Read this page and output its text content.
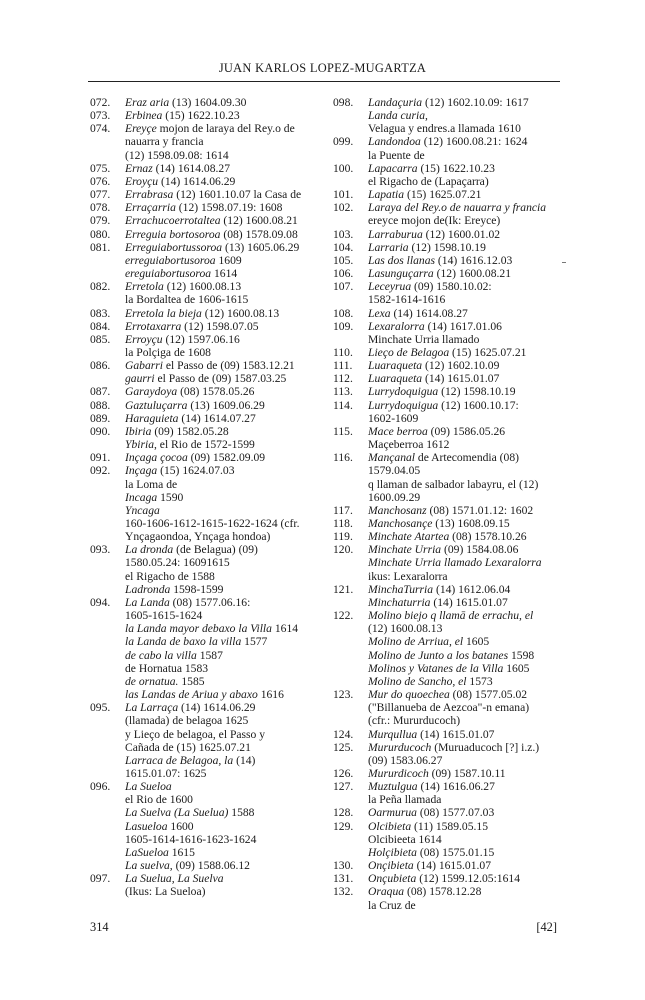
JUAN KARLOS LOPEZ-MUGARTZA
072.	Eraz aria (13) 1604.09.30
073.	Erbinea (15) 1622.10.23
074.	Ereyçe mojon de laraya del Rey.o de
nauarra y francia
(12) 1598.09.08: 1614
075.	Ernaz (14) 1614.08.27
076.	Eroyçu (14) 1614.06.29
077.	Errabrasa (12) 1601.10.07 la Casa de
078.	Erraçarria (12) 1598.07.19: 1608
079.	Errachucoerrotaltea (12) 1600.08.21
080.	Erreguia bortosoroa (08) 1578.09.08
081.	Erreguiabortussoroa (13) 1605.06.29
erreguiabortusoroa 1609
ereguiabortusoroa 1614
082.	Erretola (12) 1600.08.13
la Bordaltea de 1606-1615
083.	Erretola la bieja (12) 1600.08.13
084.	Errotaxarra (12) 1598.07.05
085.	Erroyçu (12) 1597.06.16
la Polçiga de 1608
086.	Gabarri el Passo de (09) 1583.12.21
gaurri el Passo de (09) 1587.03.25
087.	Garaydoya (08) 1578.05.26
088.	Gaztuluçarra (13) 1609.06.29
089.	Haraguieta (14) 1614.07.27
090.	Ibiria (09) 1582.05.28
Ybiria, el Rio de 1572-1599
091.	Inçaga çocoa (09) 1582.09.09
092.	Inçaga (15) 1624.07.03
la Loma de
Incaga 1590
Yncaga
160-1606-1612-1615-1622-1624 (cfr.
Ynçagaondoa, Ynçaga hondoa)
093.	La dronda (de Belagua) (09)
1580.05.24: 16091615
el Rigacho de 1588
Ladronda 1598-1599
094.	La Landa (08) 1577.06.16:
1605-1615-1624
la Landa mayor debaxo la Villa 1614
la Landa de baxo la villa 1577
de cabo la villa 1587
de Hornatua 1583
de ornatua. 1585
las Landas de Ariua y abaxo 1616
095.	La Larraça (14) 1614.06.29
(llamada) de belagoa 1625
y Lieço de belagoa, el Passo y
Cañada de (15) 1625.07.21
Larraca de Belagoa, la (14)
1615.01.07: 1625
096.	La Sueloa
el Rio de 1600
La Suelva (La Suelua) 1588
Lasueloa 1600
1605-1614-1616-1623-1624
LaSueloa 1615
La suelva, (09) 1588.06.12
097.	La Suelua, La Suelva
(Ikus: La Sueloa)
098.	Landaçuria (12) 1602.10.09: 1617
Landa curia,
Velagua y endres.a llamada 1610
099.	Landondoa (12) 1600.08.21: 1624
la Puente de
100.	Lapacarra (15) 1622.10.23
el Rigacho de (Lapaçarra)
101.	Lapatia (15) 1625.07.21
102.	Laraya del Rey.o de nauarra y francia
ereyce mojon de(Ik: Ereyce)
103.	Larraburua (12) 1600.01.02
104.	Larraria (12) 1598.10.19
105.	Las dos llanas (14) 1616.12.03
106.	Lasunguçarra (12) 1600.08.21
107.	Leceyrua (09) 1580.10.02:
1582-1614-1616
108.	Lexa (14) 1614.08.27
109.	Lexaralorra (14) 1617.01.06
Minchate Urria llamado
110.	Lieço de Belagoa (15) 1625.07.21
111.	Luaraqueta (12) 1602.10.09
112.	Luaraqueta (14) 1615.01.07
113.	Lurrydoquigua (12) 1598.10.19
114.	Lurrydoquigua (12) 1600.10.17:
1602-1609
115.	Mace berroa (09) 1586.05.26
Maçeberroa 1612
116.	Mançanal de Artecomendia (08)
1579.04.05
q llaman de salbador labayru, el (12)
1600.09.29
117.	Manchosanz (08) 1571.01.12: 1602
118.	Manchosançe (13) 1608.09.15
119.	Minchate Atartea (08) 1578.10.26
120.	Minchate Urria (09) 1584.08.06
Minchate Urria llamado Lexaralorra
ikus: Lexaralorra
121.	MinchaTurria (14) 1612.06.04
Minchaturria (14) 1615.01.07
122.	Molino biejo q llamā de errachu, el
(12) 1600.08.13
Molino de Arriua, el 1605
Molino de Junto a los batanes 1598
Molinos y Vatanes de la Villa 1605
Molino de Sancho, el 1573
123.	Mur do quoechea (08) 1577.05.02
("Billanueba de Aezcoa"-n emana)
(cfr.: Mururducoch)
124.	Murqullua (14) 1615.01.07
125.	Mururducoch (Muruaducoch [?] i.z.)
(09) 1583.06.27
126.	Mururdicoch (09) 1587.10.11
127.	Muztulgua (14) 1616.06.27
la Peña llamada
128.	Oarmurua (08) 1577.07.03
129.	Olcibieta (11) 1589.05.15
Olcibieeta 1614
Holçibieta (08) 1575.01.15
130.	Onçibieta (14) 1615.01.07
131.	Onçubieta (12) 1599.12.05:1614
132.	Oraqua (08) 1578.12.28
la Cruz de
314	[42]
